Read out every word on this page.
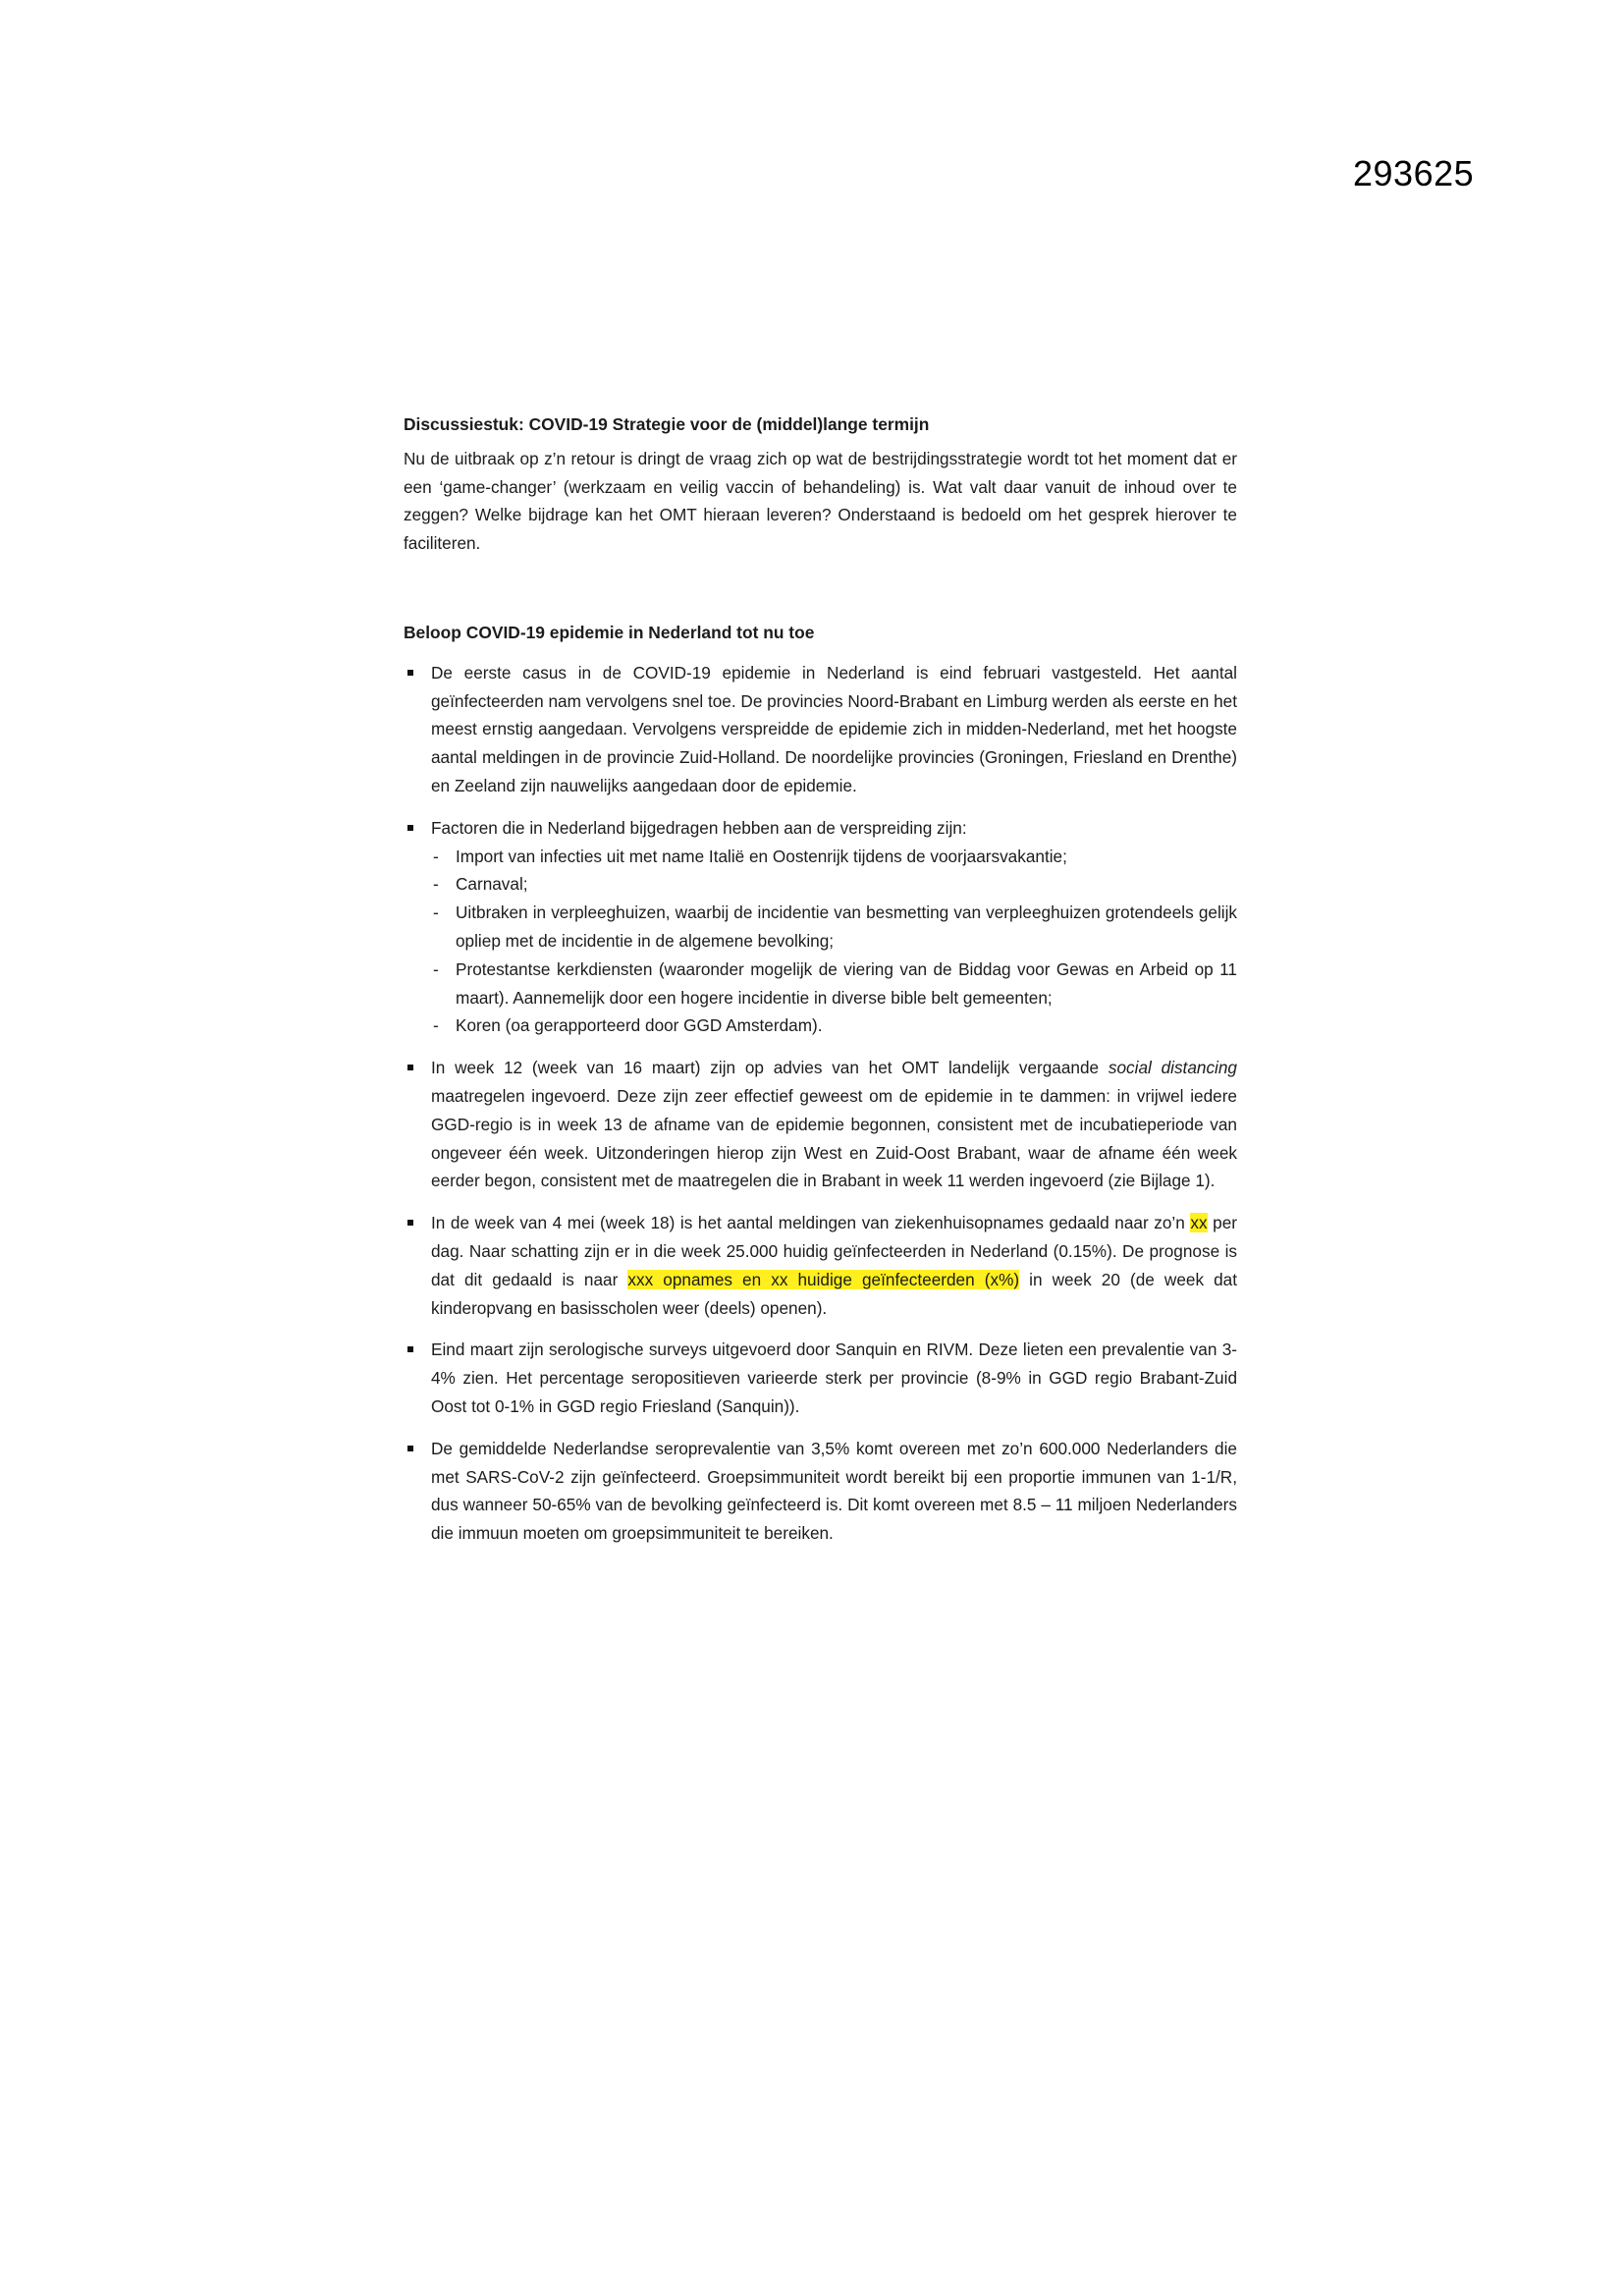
293625

Discussiestuk: COVID-19 Strategie voor de (middel)lange termijn

Nu de uitbraak op z’n retour is dringt de vraag zich op wat de bestrijdingsstrategie wordt tot het moment dat er een ‘game-changer’ (werkzaam en veilig vaccin of behandeling) is. Wat valt daar vanuit de inhoud over te zeggen? Welke bijdrage kan het OMT hieraan leveren? Onderstaand is bedoeld om het gesprek hierover te faciliteren.

Beloop COVID-19 epidemie in Nederland tot nu toe

De eerste casus in de COVID-19 epidemie in Nederland is eind februari vastgesteld. Het aantal geïnfecteerden nam vervolgens snel toe. De provincies Noord-Brabant en Limburg werden als eerste en het meest ernstig aangedaan. Vervolgens verspreidde de epidemie zich in midden-Nederland, met het hoogste aantal meldingen in de provincie Zuid-Holland. De noordelijke provincies (Groningen, Friesland en Drenthe) en Zeeland zijn nauwelijks aangedaan door de epidemie.
Factoren die in Nederland bijgedragen hebben aan de verspreiding zijn:
- Import van infecties uit met name Italië en Oostenrijk tijdens de voorjaarsvakantie;
- Carnaval;
- Uitbraken in verpleeghuizen, waarbij de incidentie van besmetting van verpleeghuizen grotendeels gelijk opliep met de incidentie in de algemene bevolking;
- Protestantse kerkdiensten (waaronder mogelijk de viering van de Biddag voor Gewas en Arbeid op 11 maart). Aannemelijk door een hogere incidentie in diverse bible belt gemeenten;
- Koren (oa gerapporteerd door GGD Amsterdam).
In week 12 (week van 16 maart) zijn op advies van het OMT landelijk vergaande social distancing maatregelen ingevoerd. Deze zijn zeer effectief geweest om de epidemie in te dammen: in vrijwel iedere GGD-regio is in week 13 de afname van de epidemie begonnen, consistent met de incubatieperiode van ongeveer één week. Uitzonderingen hierop zijn West en Zuid-Oost Brabant, waar de afname één week eerder begon, consistent met de maatregelen die in Brabant in week 11 werden ingevoerd (zie Bijlage 1).
In de week van 4 mei (week 18) is het aantal meldingen van ziekenhuisopnames gedaald naar zo’n xx per dag. Naar schatting zijn er in die week 25.000 huidig geïnfecteerden in Nederland (0.15%). De prognose is dat dit gedaald is naar xxx opnames en xx huidige geïnfecteerden (x%) in week 20 (de week dat kinderopvang en basisscholen weer (deels) openen).
Eind maart zijn serologische surveys uitgevoerd door Sanquin en RIVM. Deze lieten een prevalentie van 3-4% zien. Het percentage seropositieven varieerde sterk per provincie (8-9% in GGD regio Brabant-Zuid Oost tot 0-1% in GGD regio Friesland (Sanquin)).
De gemiddelde Nederlandse seroprevalentie van 3,5% komt overeen met zo’n 600.000 Nederlanders die met SARS-CoV-2 zijn geïnfecteerd. Groepsimmuniteit wordt bereikt bij een proportie immunen van 1-1/R, dus wanneer 50-65% van de bevolking geïnfecteerd is. Dit komt overeen met 8.5 – 11 miljoen Nederlanders die immuun moeten om groepsimmuniteit te bereiken.
